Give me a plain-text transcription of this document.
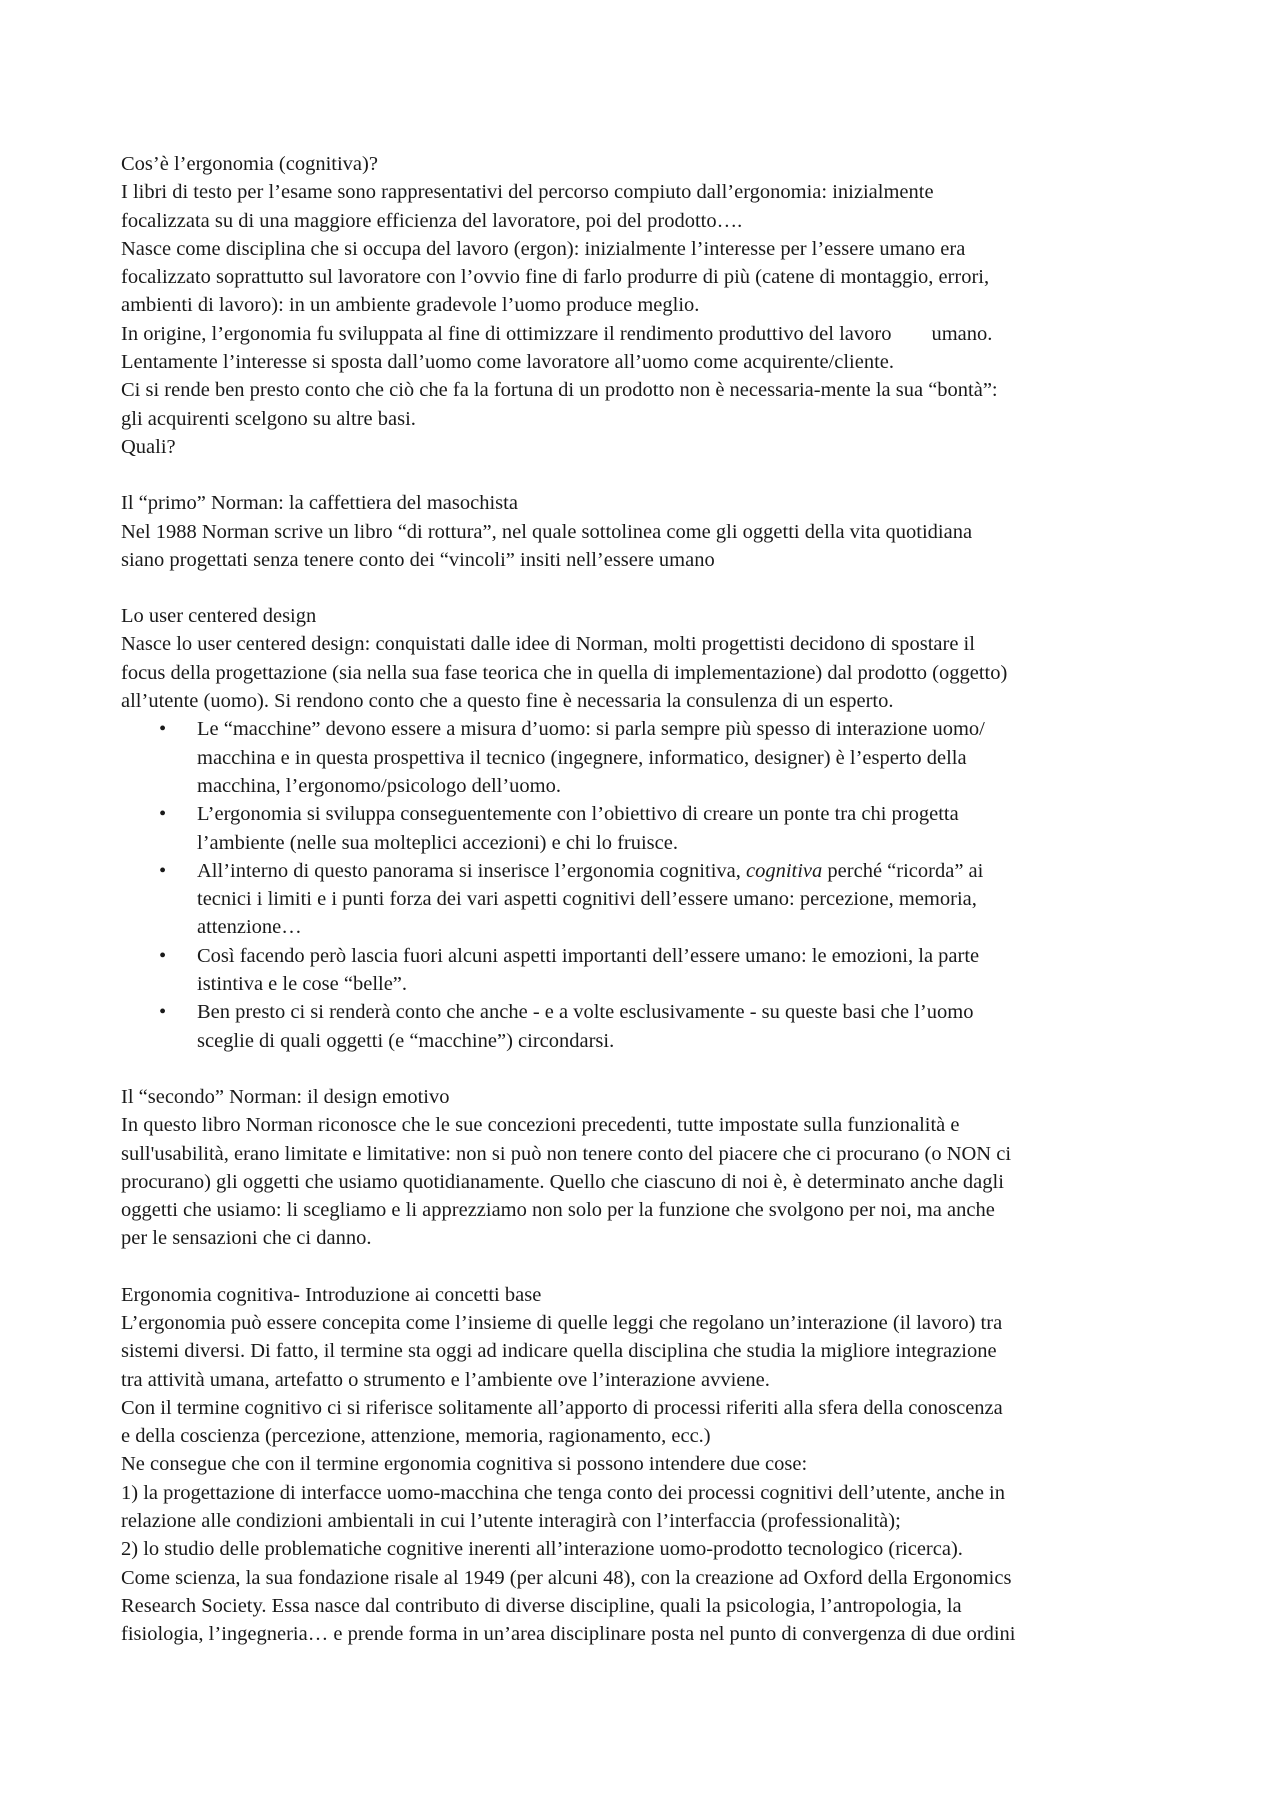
Cos’è l’ergonomia (cognitiva)?

I libri di testo per l’esame sono rappresentativi del percorso compiuto dall’ergonomia: inizialmente

focalizzata su di una maggiore efficienza del lavoratore, poi del prodotto….

Nasce come disciplina che si occupa del lavoro (ergon): inizialmente l’interesse per l’essere umano era

focalizzato soprattutto sul lavoratore con l’ovvio fine di farlo produrre di più (catene di montaggio, errori,

ambienti di lavoro): in un ambiente gradevole l’uomo produce meglio.

In origine, l’ergonomia fu sviluppata al fine di ottimizzare il rendimento produttivo del lavoro umano.

Lentamente l’interesse si sposta dall’uomo come lavoratore all’uomo come acquirente/cliente.

Ci si rende ben presto conto che ciò che fa la fortuna di un prodotto non è necessaria-mente la sua “bontà”:

gli acquirenti scelgono su altre basi.

Quali?

Il “primo” Norman: la caffettiera del masochista

Nel 1988 Norman scrive un libro “di rottura”, nel quale sottolinea come gli oggetti della vita quotidiana

siano progettati senza tenere conto dei “vincoli” insiti nell’essere umano

Lo user centered design

Nasce lo user centered design: conquistati dalle idee di Norman, molti progettisti decidono di spostare il

focus della progettazione (sia nella sua fase teorica che in quella di implementazione) dal prodotto (oggetto)

all’utente (uomo). Si rendono conto che a questo fine è necessaria la consulenza di un esperto.

• Le “macchine” devono essere a misura d’uomo: si parla sempre più spesso di interazione uomo/

macchina e in questa prospettiva il tecnico (ingegnere, informatico, designer) è l’esperto della

macchina, l’ergonomo/psicologo dell’uomo.

• L’ergonomia si sviluppa conseguentemente con l’obiettivo di creare un ponte tra chi progetta

l’ambiente (nelle sua molteplici accezioni) e chi lo fruisce.

• All’interno di questo panorama si inserisce l’ergonomia cognitiva, cognitiva perché “ricorda” ai

tecnici i limiti e i punti forza dei vari aspetti cognitivi dell’essere umano: percezione, memoria,

attenzione…

• Così facendo però lascia fuori alcuni aspetti importanti dell’essere umano: le emozioni, la parte

istintiva e le cose “belle”.

• Ben presto ci si renderà conto che anche - e a volte esclusivamente - su queste basi che l’uomo

sceglie di quali oggetti (e “macchine”) circondarsi.

Il “secondo” Norman: il design emotivo

In questo libro Norman riconosce che le sue concezioni precedenti, tutte impostate sulla funzionalità e

sull'usabilità, erano limitate e limitative: non si può non tenere conto del piacere che ci procurano (o NON ci

procurano) gli oggetti che usiamo quotidianamente. Quello che ciascuno di noi è, è determinato anche dagli

oggetti che usiamo: li scegliamo e li apprezziamo non solo per la funzione che svolgono per noi, ma anche

per le sensazioni che ci danno.

Ergonomia cognitiva- Introduzione ai concetti base

L’ergonomia può essere concepita come l’insieme di quelle leggi che regolano un’interazione (il lavoro) tra

sistemi diversi. Di fatto, il termine sta oggi ad indicare quella disciplina che studia la migliore integrazione

tra attività umana, artefatto o strumento e l’ambiente ove l’interazione avviene.

Con il termine cognitivo ci si riferisce solitamente all’apporto di processi riferiti alla sfera della conoscenza

e della coscienza (percezione, attenzione, memoria, ragionamento, ecc.)

Ne consegue che con il termine ergonomia cognitiva si possono intendere due cose:

1) la progettazione di interfacce uomo-macchina che tenga conto dei processi cognitivi dell’utente, anche in

relazione alle condizioni ambientali in cui l’utente interagirà con l’interfaccia (professionalità);

2) lo studio delle problematiche cognitive inerenti all’interazione uomo-prodotto tecnologico (ricerca).

Come scienza, la sua fondazione risale al 1949 (per alcuni 48), con la creazione ad Oxford della Ergonomics

Research Society. Essa nasce dal contributo di diverse discipline, quali la psicologia, l’antropologia, la

fisiologia, l’ingegneria… e prende forma in un’area disciplinare posta nel punto di convergenza di due ordini
